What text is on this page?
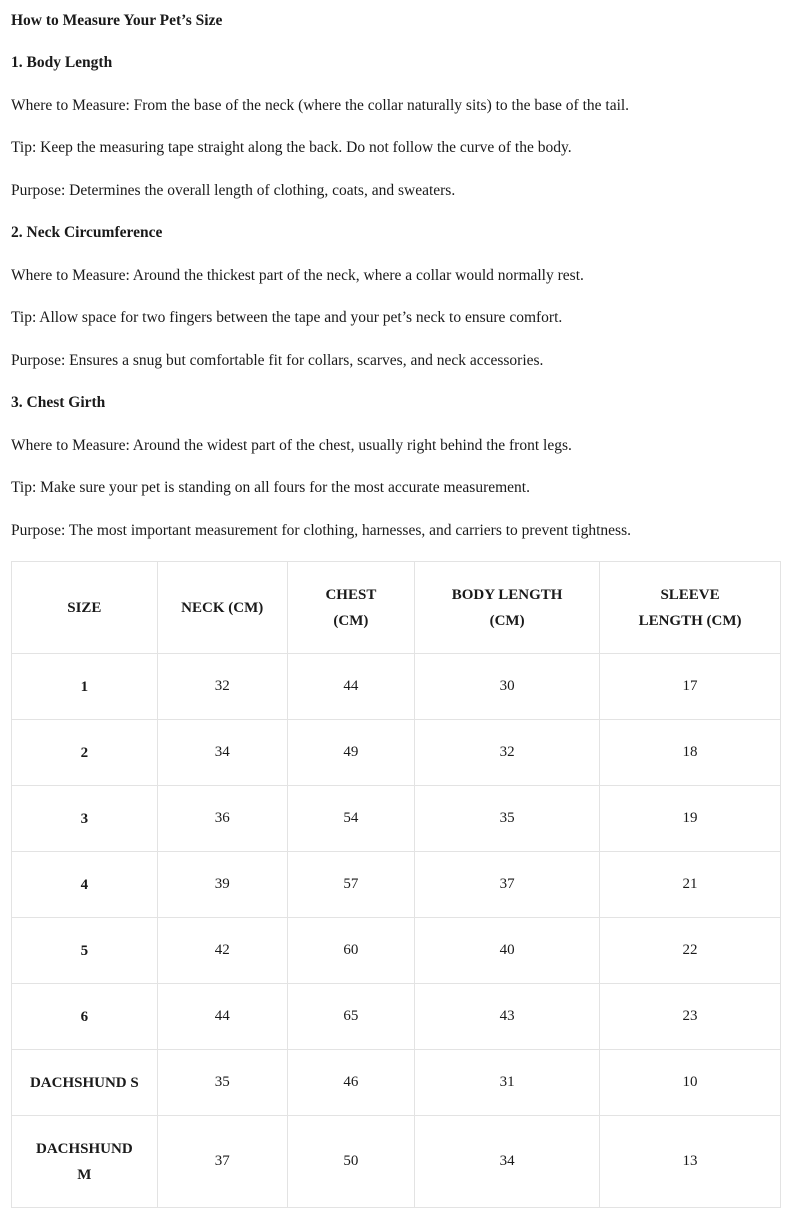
How to Measure Your Pet’s Size
1. Body Length
Where to Measure: From the base of the neck (where the collar naturally sits) to the base of the tail.
Tip: Keep the measuring tape straight along the back. Do not follow the curve of the body.
Purpose: Determines the overall length of clothing, coats, and sweaters.
2. Neck Circumference
Where to Measure: Around the thickest part of the neck, where a collar would normally rest.
Tip: Allow space for two fingers between the tape and your pet’s neck to ensure comfort.
Purpose: Ensures a snug but comfortable fit for collars, scarves, and neck accessories.
3. Chest Girth
Where to Measure: Around the widest part of the chest, usually right behind the front legs.
Tip: Make sure your pet is standing on all fours for the most accurate measurement.
Purpose: The most important measurement for clothing, harnesses, and carriers to prevent tightness.
SIZE	NECK (CM)	CHEST (CM)	BODY LENGTH (CM)	SLEEVE LENGTH (CM)
1	32	44	30	17
2	34	49	32	18
3	36	54	35	19
4	39	57	37	21
5	42	60	40	22
6	44	65	43	23
DACHSHUND S	35	46	31	10
DACHSHUND M	37	50	34	13
